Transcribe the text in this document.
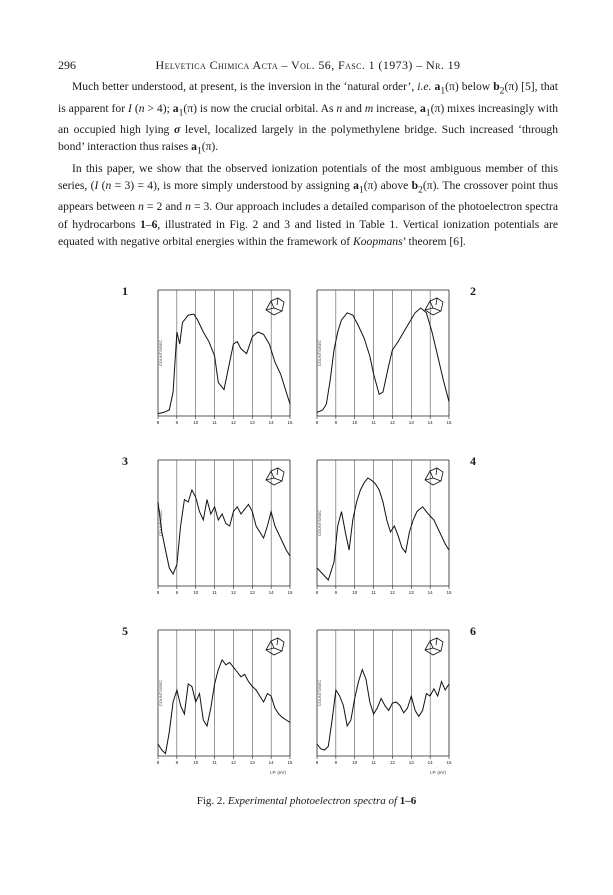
296	Helvetica Chimica Acta – Vol. 56, Fasc. 1 (1973) – Nr. 19

Much better understood, at present, is the inversion in the ‘natural order’, i.e. $a_1(\pi)$ below $b_2(\pi)$ [5], that is apparent for I (n > 4); $a_1(\pi)$ is now the crucial orbital. As n and m increase, $a_1(\pi)$ mixes increasingly with an occupied high lying σ level, localized largely in the polymethylene bridge. Such increased ‘through bond’ interaction thus raises $a_1(\pi)$.

In this paper, we show that the observed ionization potentials of the most ambiguous member of this series, (I (n = 3) = 4), is more simply understood by assigning $a_1(\pi)$ above $b_2(\pi)$. The crossover point thus appears between n = 2 and n = 3. Our approach includes a detailed comparison of the photoelectron spectra of hydrocarbons 1–6, illustrated in Fig. 2 and 3 and listed in Table 1. Vertical ionization potentials are equated with negative orbital energies within the framework of Koopmans’ theorem [6].

8	9	10	11	12	13	14	15
COUNTS/SEC
8	9	10	11	12	13	14	15
COUNTS/SEC
8	9	10	11	12	13	14	15
COUNTS/SEC
8	9	10	11	12	13	14	15
COUNTS/SEC
8	9	10	11	12	13	14	15
COUNTS/SEC
8	9	10	11	12	13	14	15
COUNTS/SEC
1	2
3	4
5	6
I.P. (eV)	I.P. (eV)
Fig. 2. Experimental photoelectron spectra of 1–6
